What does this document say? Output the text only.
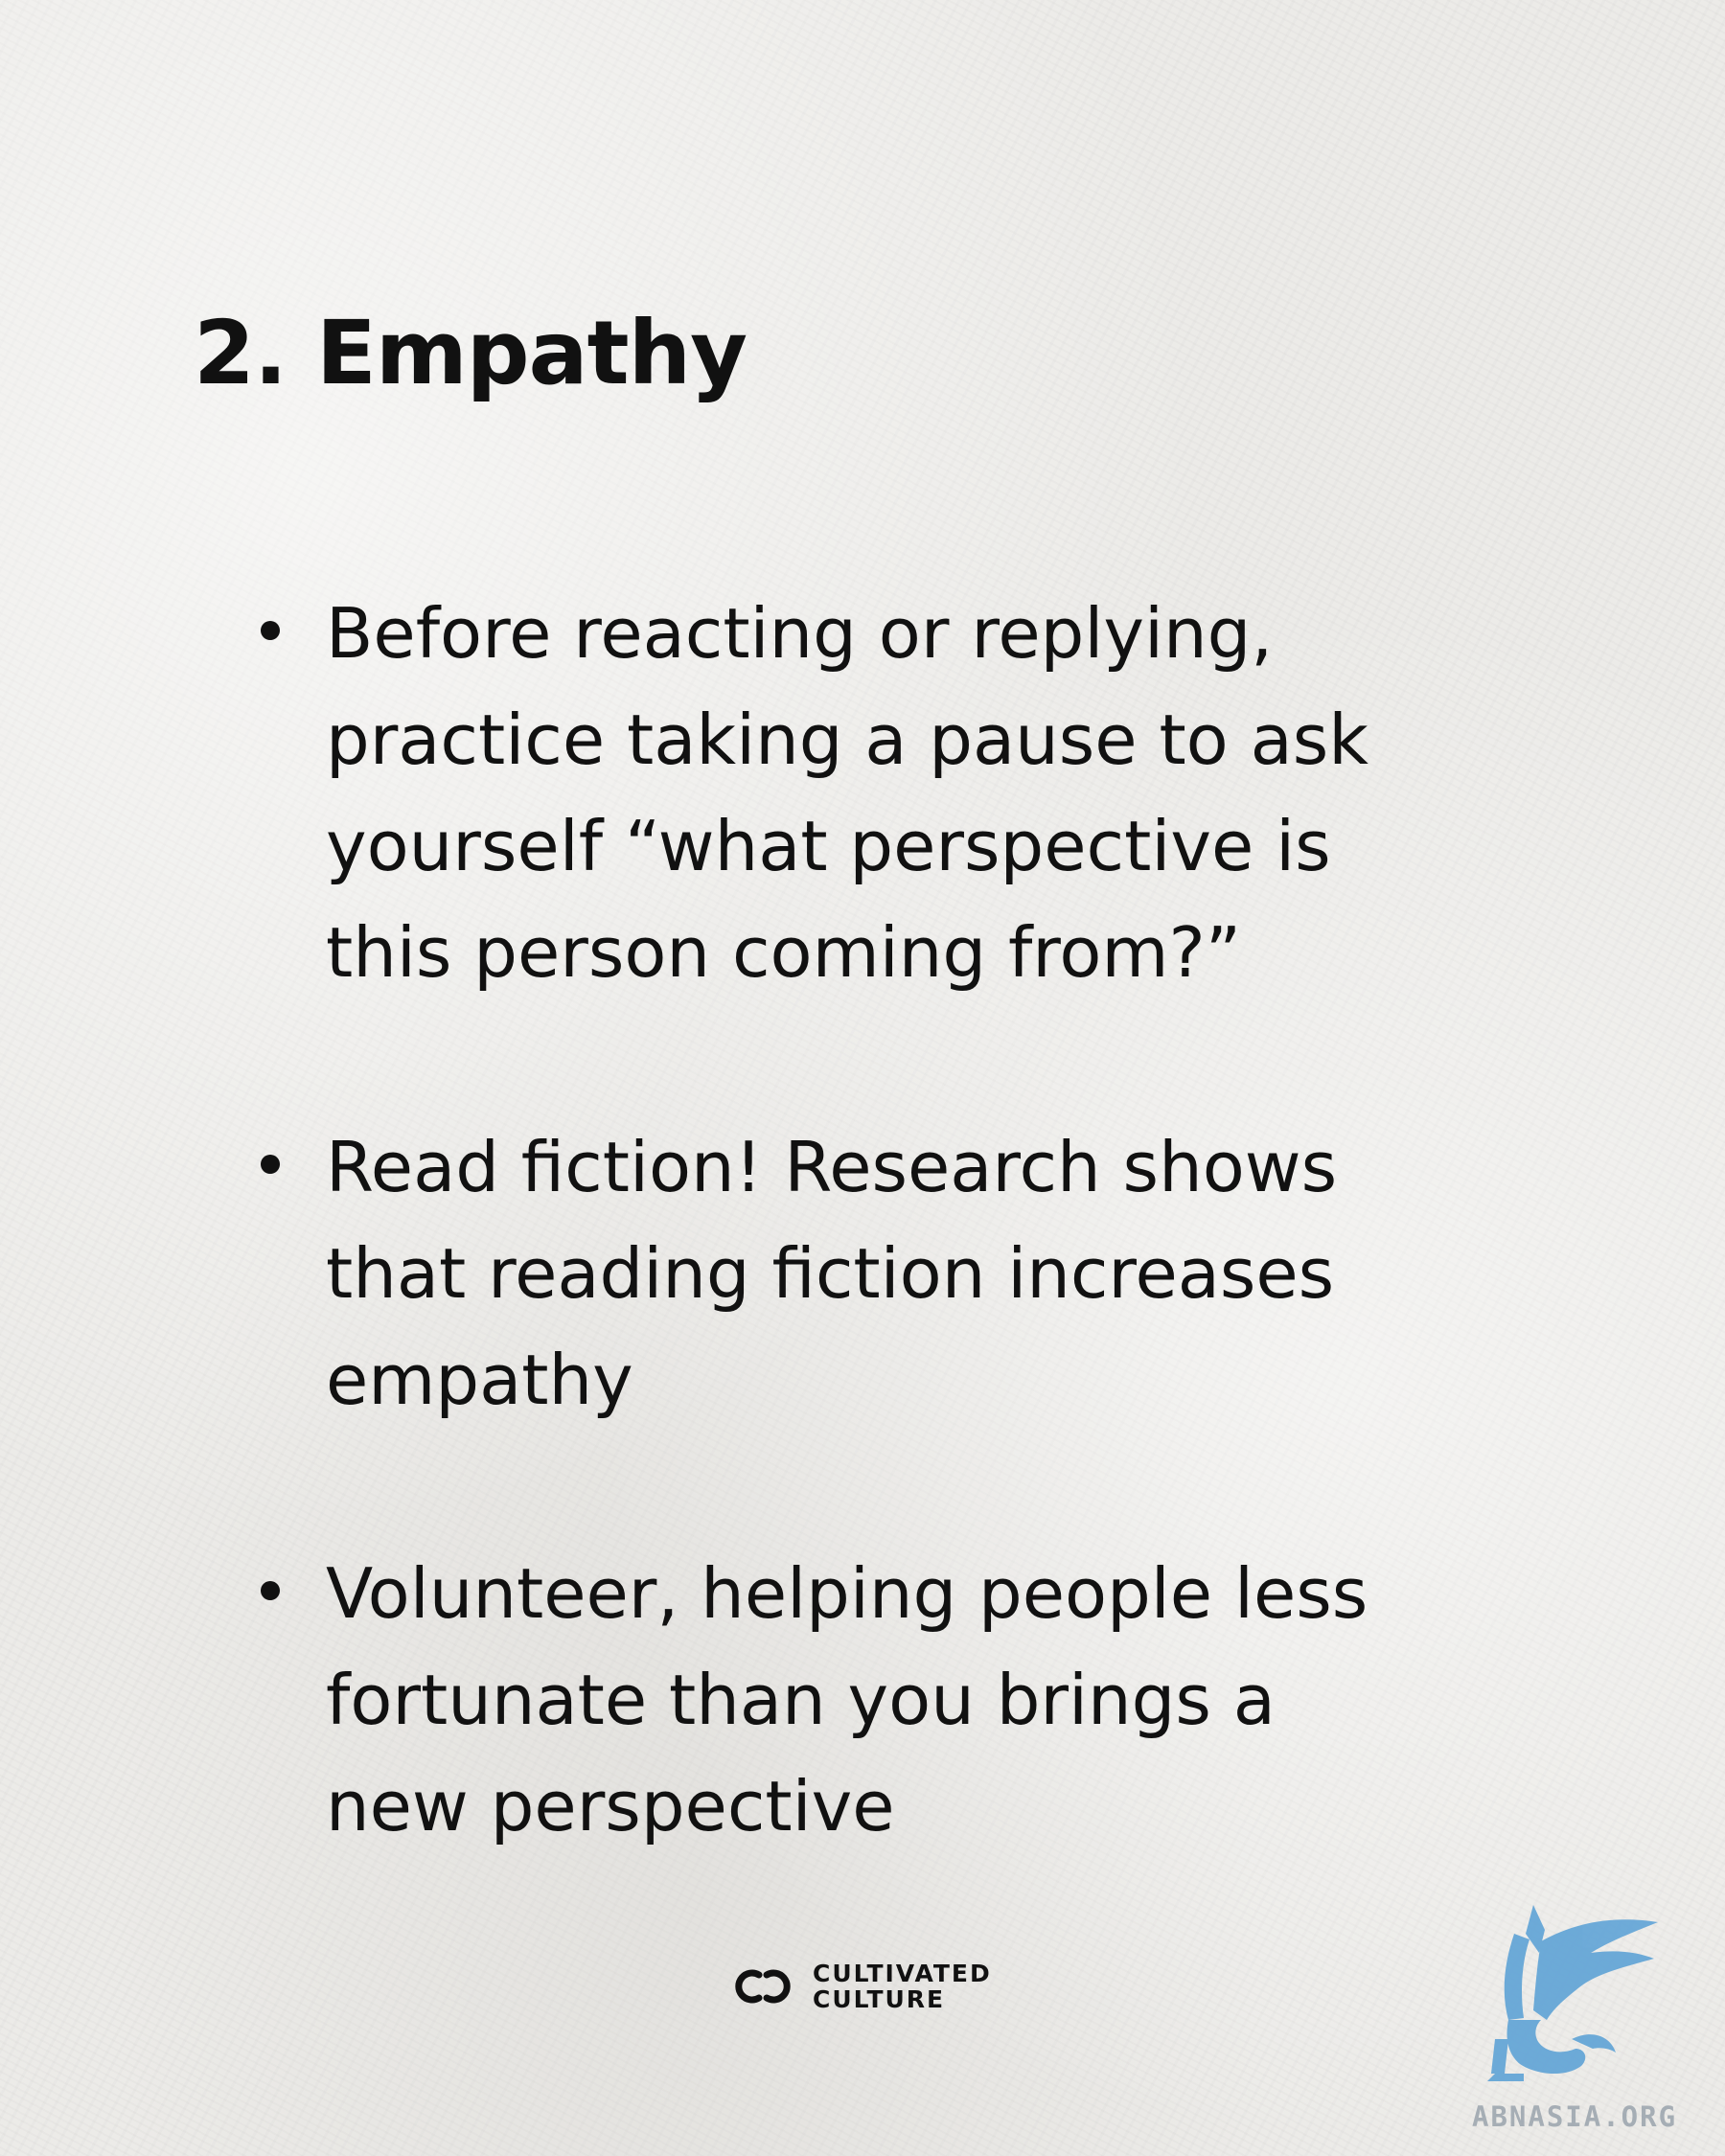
2. Empathy
Before reacting or replying,
practice taking a pause to ask
yourself “what perspective is
this person coming from?”
Read fiction! Research shows
that reading fiction increases
empathy
Volunteer, helping people less
fortunate than you brings a
new perspective
CULTIVATED
CULTURE
ABNASIA.ORG
